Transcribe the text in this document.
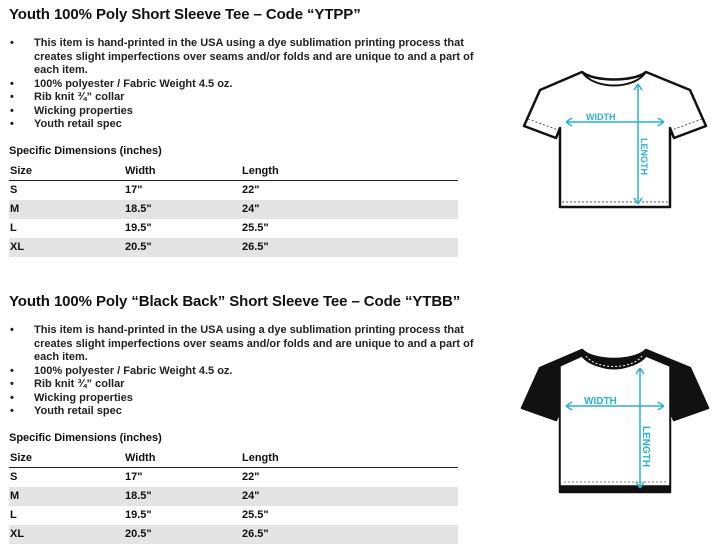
Youth 100% Poly Short Sleeve Tee – Code “YTPP”
• This item is hand-printed in the USA using a dye sublimation printing process that creates slight imperfections over seams and/or folds and are unique to and a part of each item.
• 100% polyester / Fabric Weight 4.5 oz.
• Rib knit ¾” collar
• Wicking properties
• Youth retail spec
Specific Dimensions (inches)
Size	Width	Length
S	17"	22"
M	18.5"	24"
L	19.5"	25.5"
XL	20.5"	26.5"
WIDTH
LENGTH
Youth 100% Poly “Black Back” Short Sleeve Tee – Code “YTBB”
• This item is hand-printed in the USA using a dye sublimation printing process that creates slight imperfections over seams and/or folds and are unique to and a part of each item.
• 100% polyester / Fabric Weight 4.5 oz.
• Rib knit ¾” collar
• Wicking properties
• Youth retail spec
Specific Dimensions (inches)
Size	Width	Length
S	17"	22"
M	18.5"	24"
L	19.5"	25.5"
XL	20.5"	26.5"
WIDTH
LENGTH
